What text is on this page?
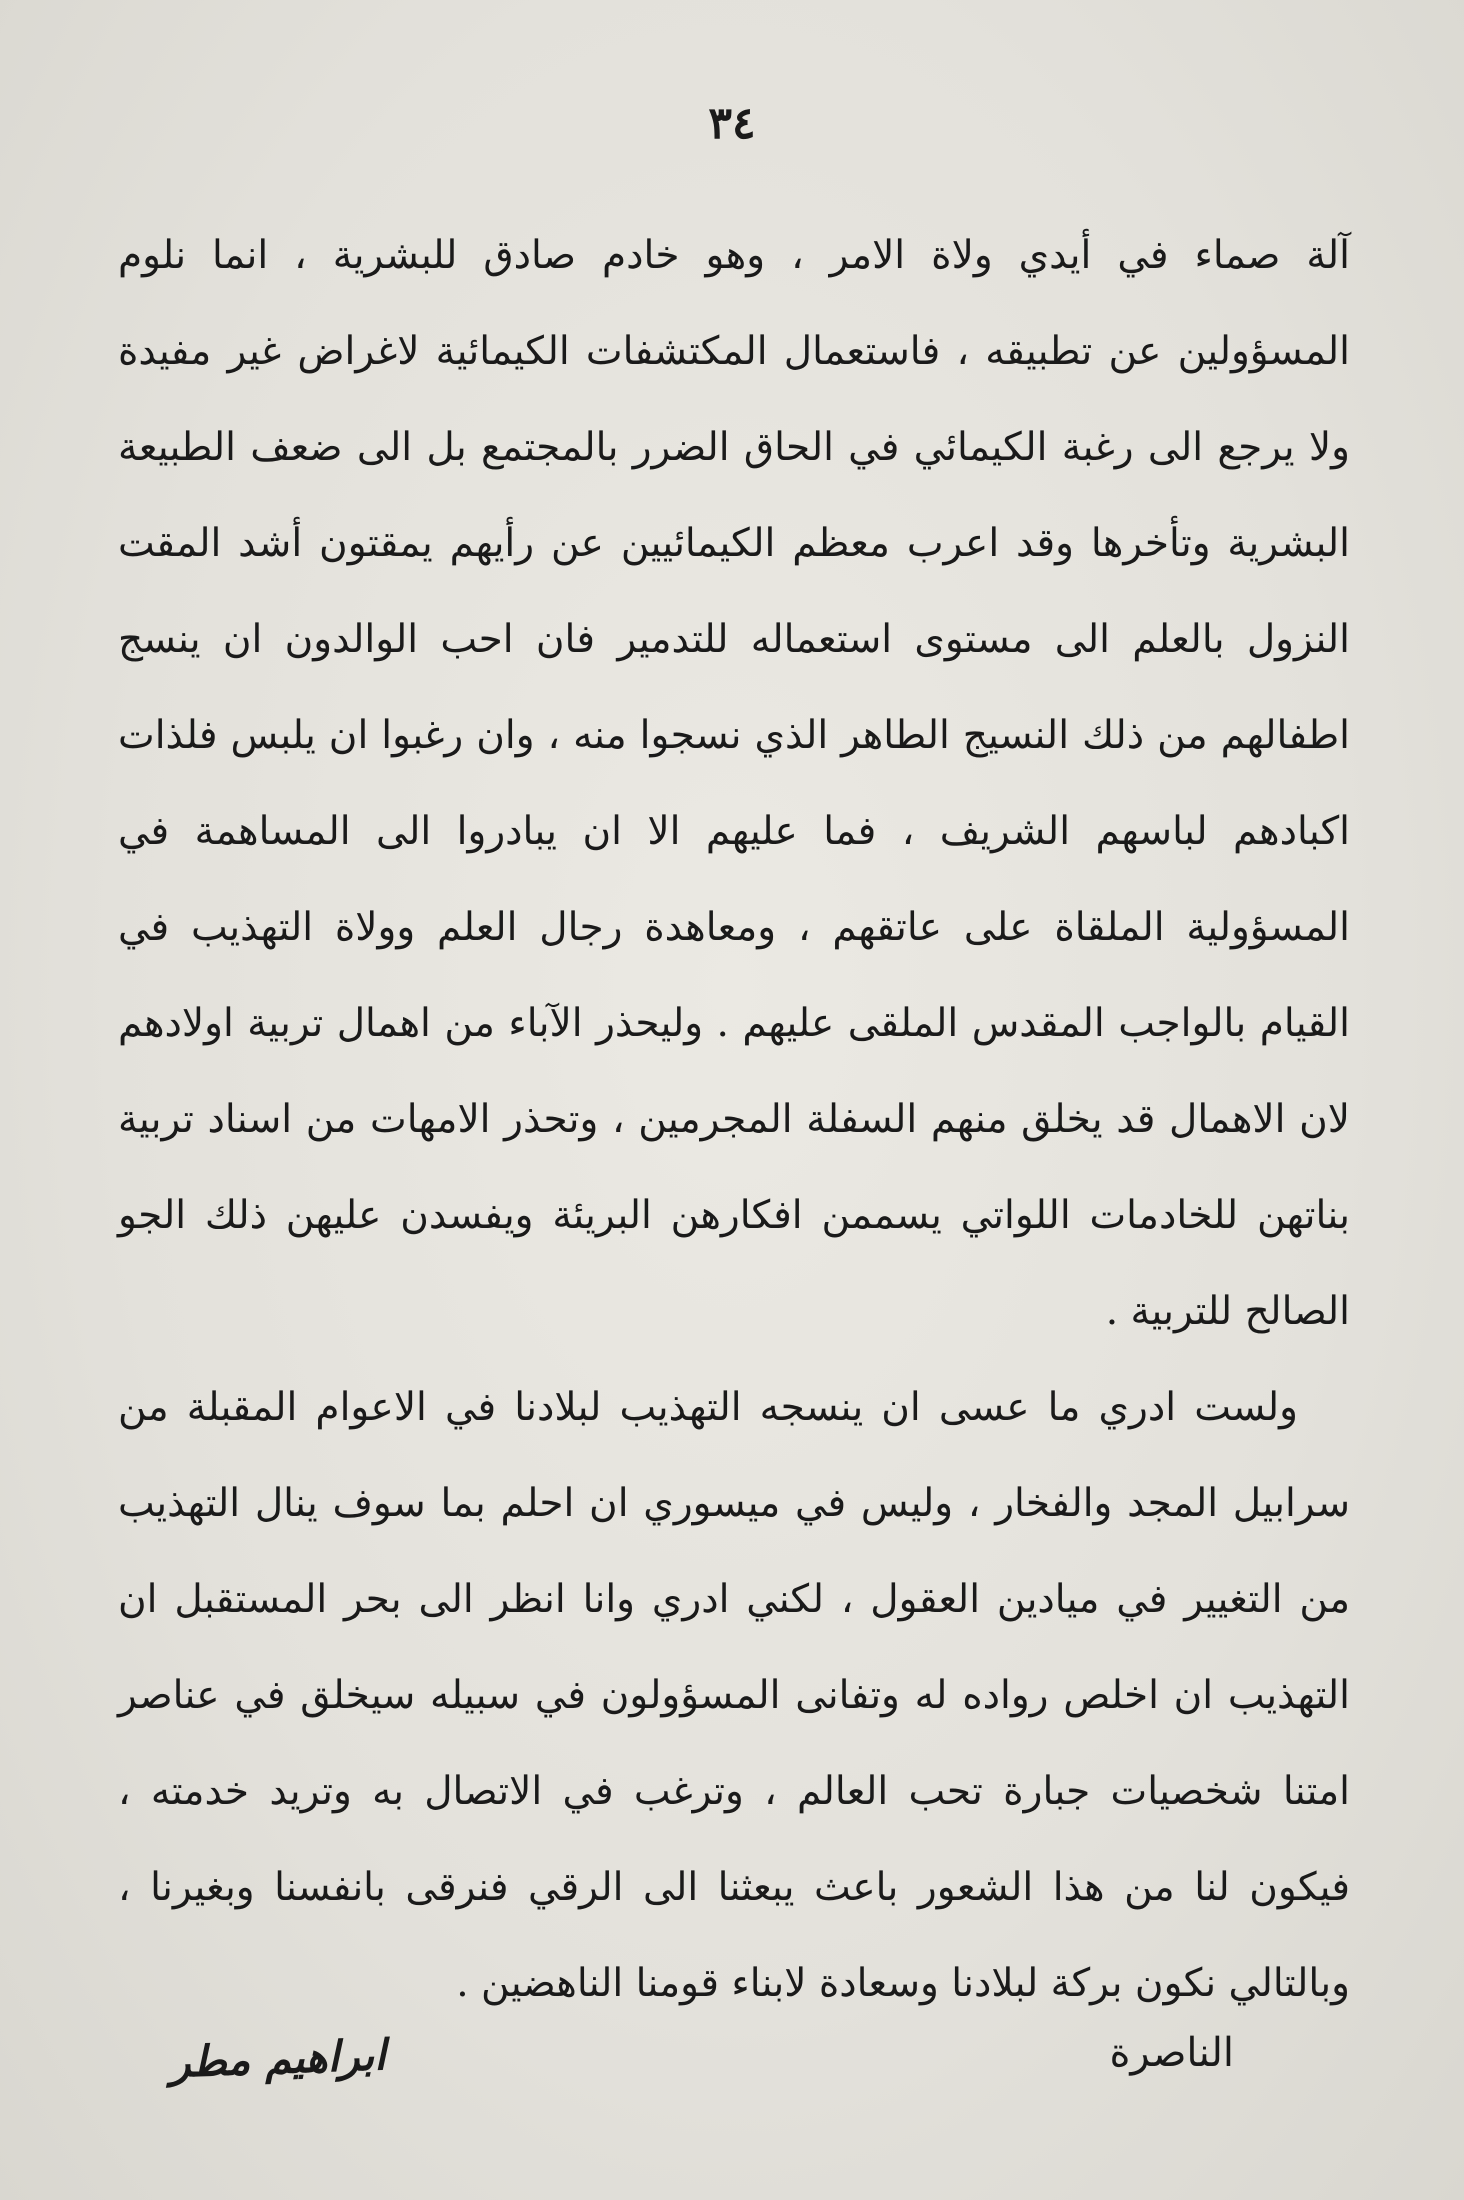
٣٤

آلة صماء في أيدي ولاة الامر ، وهو خادم صادق للبشرية ، انما نلوم المسؤولين عن تطبيقه ، فاستعمال المكتشفات الكيمائية لاغراض غير مفيدة ولا يرجع الى رغبة الكيمائي في الحاق الضرر بالمجتمع بل الى ضعف الطبيعة البشرية وتأخرها وقد اعرب معظم الكيمائيين عن رأيهم يمقتون أشد المقت النزول بالعلم الى مستوى استعماله للتدمير فان احب الوالدون ان ينسج اطفالهم من ذلك النسيج الطاهر الذي نسجوا منه ، وان رغبوا ان يلبس فلذات اكبادهم لباسهم الشريف ، فما عليهم الا ان يبادروا الى المساهمة في المسؤولية الملقاة على عاتقهم ، ومعاهدة رجال العلم وولاة التهذيب في القيام بالواجب المقدس الملقى عليهم . وليحذر الآباء من اهمال تربية اولادهم لان الاهمال قد يخلق منهم السفلة المجرمين ، وتحذر الامهات من اسناد تربية بناتهن للخادمات اللواتي يسممن افكارهن البريئة ويفسدن عليهن ذلك الجو الصالح للتربية .

ولست ادري ما عسى ان ينسجه التهذيب لبلادنا في الاعوام المقبلة من سرابيل المجد والفخار ، وليس في ميسوري ان احلم بما سوف ينال التهذيب من التغيير في ميادين العقول ، لكني ادري وانا انظر الى بحر المستقبل ان التهذيب ان اخلص رواده له وتفانى المسؤولون في سبيله سيخلق في عناصر امتنا شخصيات جبارة تحب العالم ، وترغب في الاتصال به وتريد خدمته ، فيكون لنا من هذا الشعور باعث يبعثنا الى الرقي فنرقى بانفسنا وبغيرنا ، وبالتالي نكون بركة لبلادنا وسعادة لابناء قومنا الناهضين .

الناصرة
ابراهيم مطر
